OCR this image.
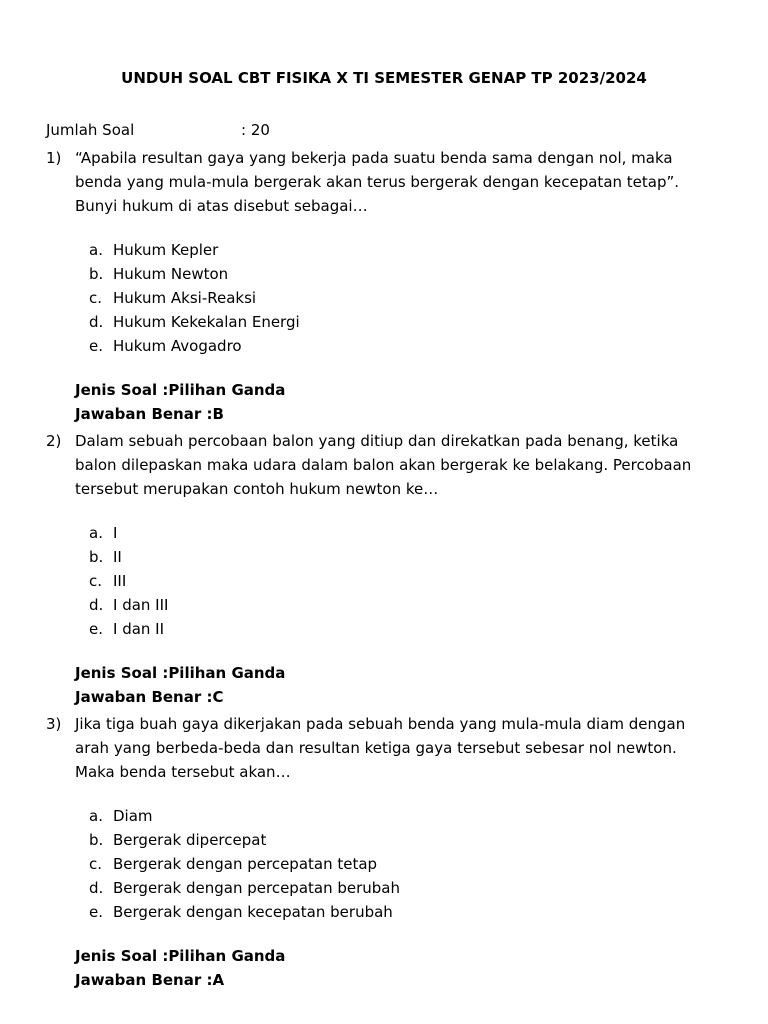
UNDUH SOAL CBT FISIKA X TI SEMESTER GENAP TP 2023/2024
Jumlah Soal	: 20
1) “Apabila resultan gaya yang bekerja pada suatu benda sama dengan nol, maka benda yang mula-mula bergerak akan terus bergerak dengan kecepatan tetap”. Bunyi hukum di atas disebut sebagai…

a. Hukum Kepler
b. Hukum Newton
c. Hukum Aksi-Reaksi
d. Hukum Kekekalan Energi
e. Hukum Avogadro
Jenis Soal :Pilihan Ganda
Jawaban Benar :B
2) Dalam sebuah percobaan balon yang ditiup dan direkatkan pada benang, ketika balon dilepaskan maka udara dalam balon akan bergerak ke belakang. Percobaan tersebut merupakan contoh hukum newton ke…

a. I
b. II
c. III
d. I dan III
e. I dan II
Jenis Soal :Pilihan Ganda
Jawaban Benar :C
3) Jika tiga buah gaya dikerjakan pada sebuah benda yang mula-mula diam dengan arah yang berbeda-beda dan resultan ketiga gaya tersebut sebesar nol newton. Maka benda tersebut akan…

a. Diam
b. Bergerak dipercepat
c. Bergerak dengan percepatan tetap
d. Bergerak dengan percepatan berubah
e. Bergerak dengan kecepatan berubah
Jenis Soal :Pilihan Ganda
Jawaban Benar :A
